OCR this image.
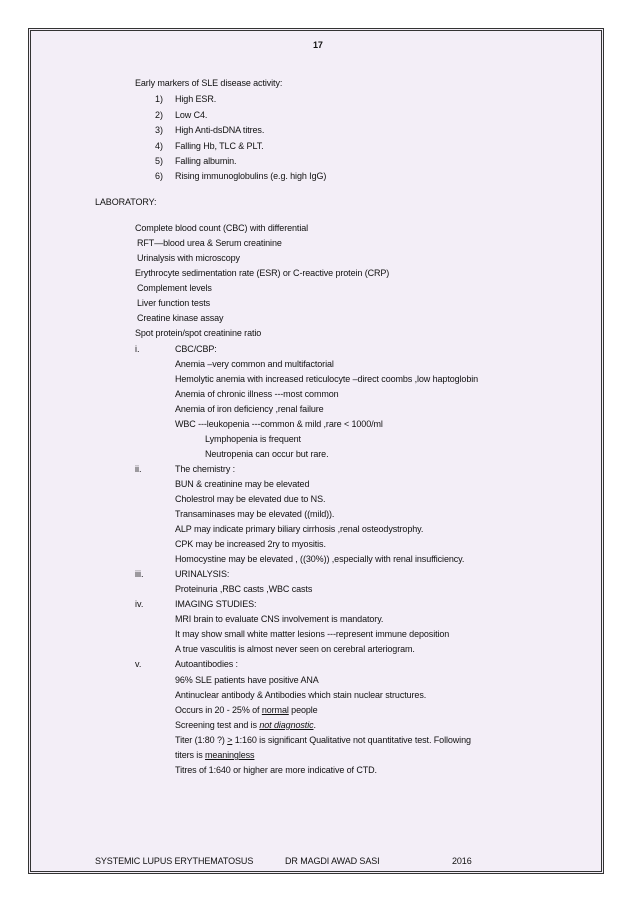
17
Early markers of SLE disease activity:
1) High ESR.
2) Low C4.
3) High Anti-dsDNA titres.
4) Falling Hb, TLC & PLT.
5) Falling albumin.
6) Rising immunoglobulins (e.g. high IgG)
LABORATORY:
Complete blood count (CBC) with differential
RFT—blood urea & Serum creatinine
Urinalysis with microscopy
Erythrocyte sedimentation rate (ESR) or C-reactive protein (CRP)
Complement levels
Liver function tests
Creatine kinase assay
Spot protein/spot creatinine ratio
i.	CBC/CBP:
Anemia –very common and multifactorial
Hemolytic anemia with increased reticulocyte –direct coombs ,low haptoglobin
Anemia of chronic illness ---most common
Anemia of iron deficiency ,renal failure
WBC ---leukopenia ---common & mild ,rare < 1000/ml
Lymphopenia is frequent
Neutropenia can occur but rare.
ii.	The chemistry :
BUN & creatinine may be elevated
Cholestrol may be elevated due to NS.
Transaminases may be elevated ((mild)).
ALP may indicate primary biliary cirrhosis ,renal osteodystrophy.
CPK may be increased 2ry to myositis.
Homocystine may be elevated , ((30%)) ,especially with renal insufficiency.
iii.	URINALYSIS:
Proteinuria ,RBC casts ,WBC casts
iv.	IMAGING STUDIES:
MRI brain to evaluate CNS involvement is mandatory.
It may show small white matter lesions ---represent immune deposition
A true vasculitis is almost never seen on cerebral arteriogram.
v.	Autoantibodies :
96% SLE patients have positive ANA
Antinuclear antibody & Antibodies which stain nuclear structures.
Occurs in 20 - 25% of normal people
Screening test and is not diagnostic.
Titer (1:80 ?) > 1:160 is significant Qualitative not quantitative test. Following
titers is meaningless
Titres of 1:640 or higher are more indicative of CTD.
SYSTEMIC LUPUS ERYTHEMATOSUS	DR MAGDI AWAD SASI	2016
